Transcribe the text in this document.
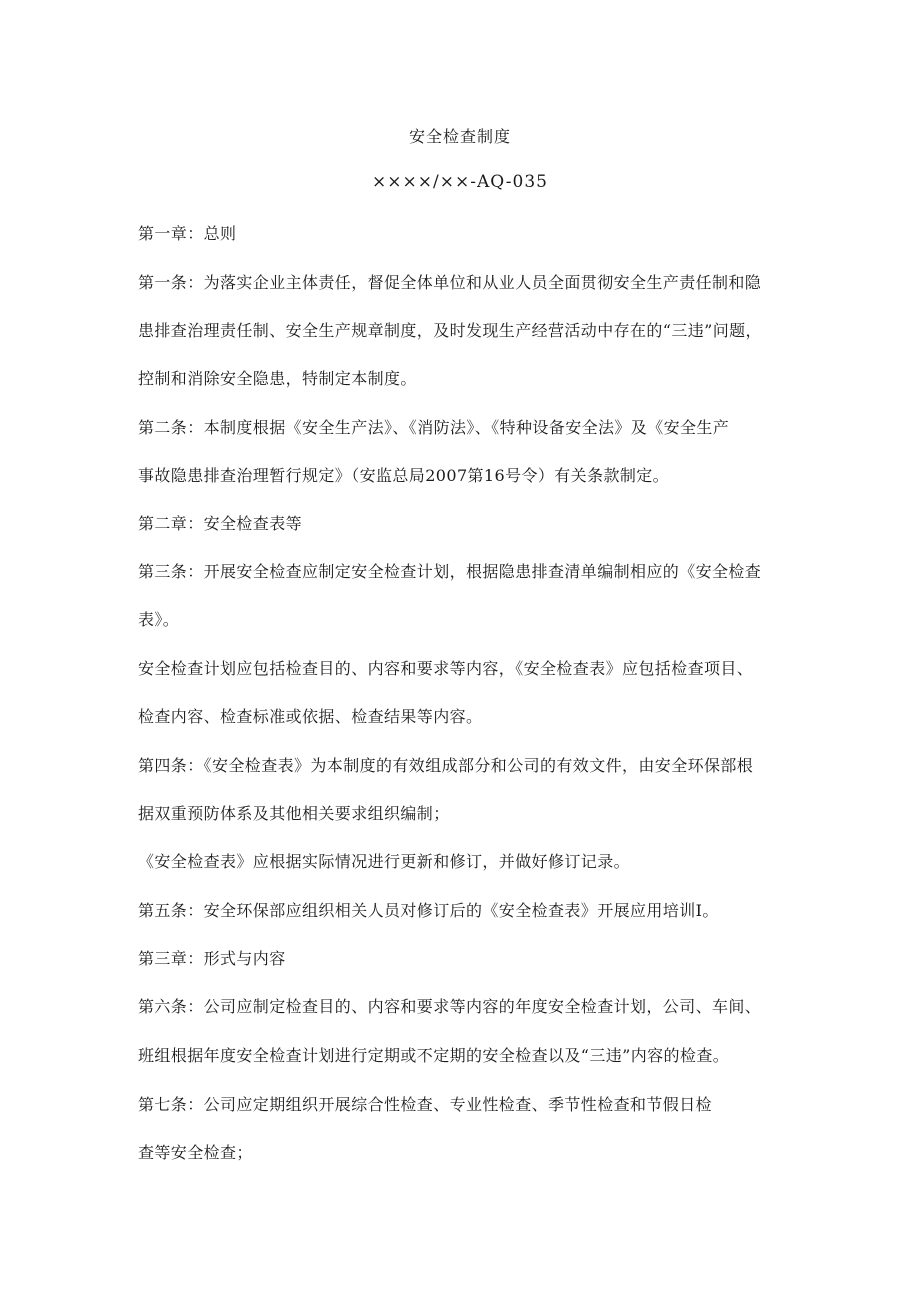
安全检查制度
××××/××-AQ-035
第一章：总则
第一条：为落实企业主体责任，督促全体单位和从业人员全面贯彻安全生产责任制和隐
患排查治理责任制、安全生产规章制度，及时发现生产经营活动中存在的“三违”问题，
控制和消除安全隐患，特制定本制度。
第二条：本制度根据《安全生产法》、《消防法》、《特种设备安全法》及《安全生产
事故隐患排查治理暂行规定》（安监总局2007第16号令）有关条款制定。
第二章：安全检查表等
第三条：开展安全检查应制定安全检查计划，根据隐患排查清单编制相应的《安全检查
表》。
安全检查计划应包括检查目的、内容和要求等内容，《安全检查表》应包括检查项目、
检查内容、检查标准或依据、检查结果等内容。
第四条：《安全检查表》为本制度的有效组成部分和公司的有效文件，由安全环保部根
据双重预防体系及其他相关要求组织编制；
《安全检查表》应根据实际情况进行更新和修订，并做好修订记录。
第五条：安全环保部应组织相关人员对修订后的《安全检查表》开展应用培训I。
第三章：形式与内容
第六条：公司应制定检查目的、内容和要求等内容的年度安全检查计划，公司、车间、
班组根据年度安全检查计划进行定期或不定期的安全检查以及“三违”内容的检查。
第七条：公司应定期组织开展综合性检查、专业性检查、季节性检查和节假日检
查等安全检查；
